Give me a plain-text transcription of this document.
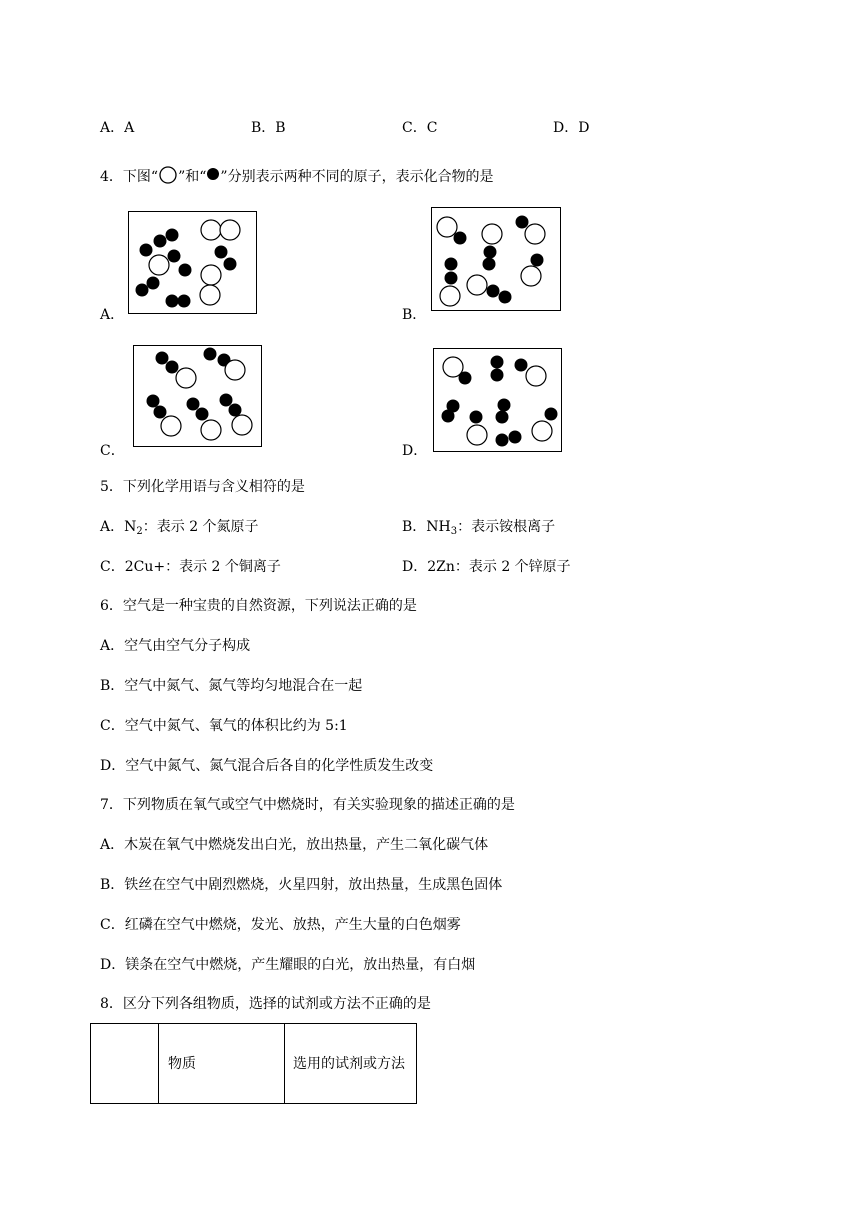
A．A	B．B	C．C	D．D
4．下图“ ”和“ ”分别表示两种不同的原子，表示化合物的是
A．	B．
C．	D．
5．下列化学用语与含义相符的是
A．$N_2$：表示 2 个氮原子	B．$NH_3$：表示铵根离子
C．2Cu+：表示 2 个铜离子	D．2Zn：表示 2 个锌原子
6．空气是一种宝贵的自然资源，下列说法正确的是
A．空气由空气分子构成
B．空气中氮气、氮气等均匀地混合在一起
C．空气中氮气、氧气的体积比约为 5:1
D．空气中氮气、氮气混合后各自的化学性质发生改变
7．下列物质在氧气或空气中燃烧时，有关实验现象的描述正确的是
A．木炭在氧气中燃烧发出白光，放出热量，产生二氧化碳气体
B．铁丝在空气中剧烈燃烧，火星四射，放出热量，生成黑色固体
C．红磷在空气中燃烧，发光、放热，产生大量的白色烟雾
D．镁条在空气中燃烧，产生耀眼的白光，放出热量，有白烟
8．区分下列各组物质，选择的试剂或方法不正确的是
	物质	选用的试剂或方法
